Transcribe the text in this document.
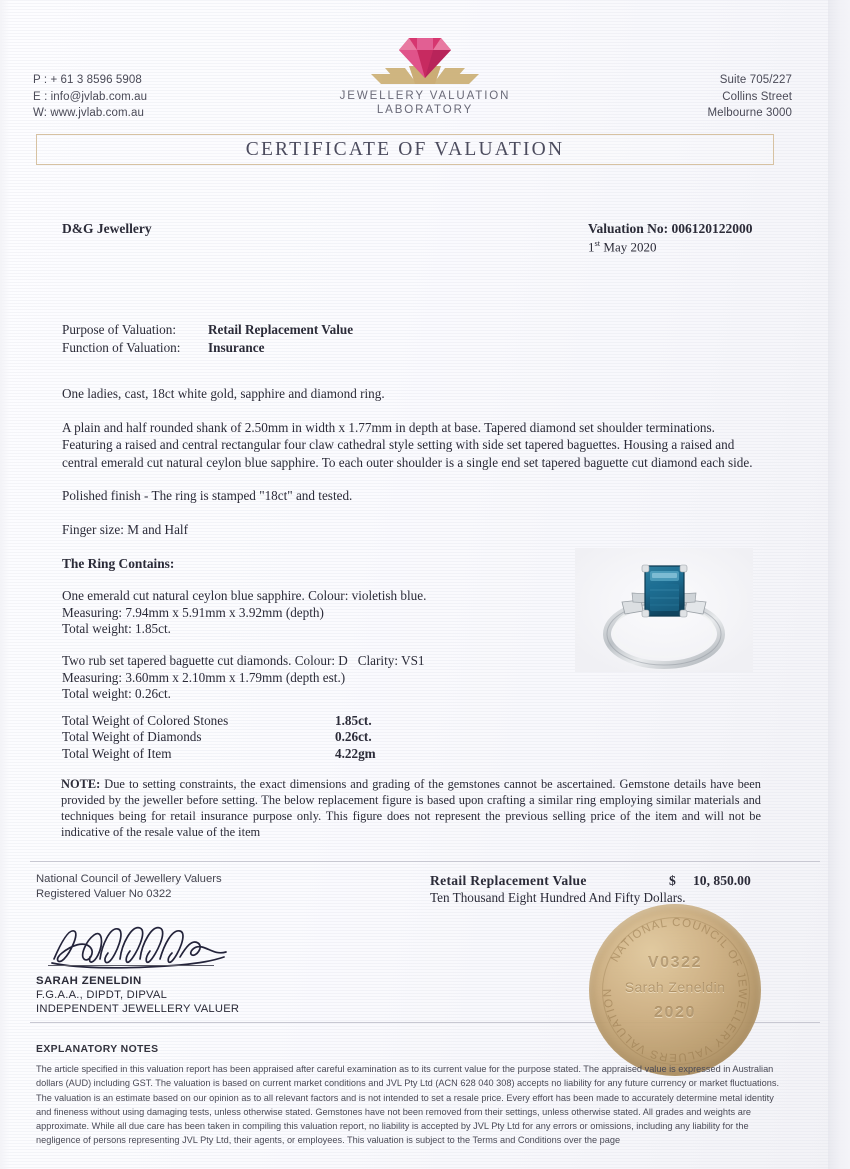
P : + 61 3 8596 5908
E : info@jvlab.com.au
W: www.jvlab.com.au
Suite 705/227
Collins Street
Melbourne 3000
JEWELLERY VALUATION
LABORATORY
CERTIFICATE OF VALUATION
D&G Jewellery	Valuation No: 006120122000
1st May 2020
Purpose of Valuation:	Retail Replacement Value
Function of Valuation:	Insurance

One ladies, cast, 18ct white gold, sapphire and diamond ring.

A plain and half rounded shank of 2.50mm in width x 1.77mm in depth at base. Tapered diamond set shoulder terminations. Featuring a raised and central rectangular four claw cathedral style setting with side set tapered baguettes. Housing a raised and central emerald cut natural ceylon blue sapphire. To each outer shoulder is a single end set tapered baguette cut diamond each side.

Polished finish - The ring is stamped "18ct" and tested.

Finger size: M and Half

The Ring Contains:

One emerald cut natural ceylon blue sapphire. Colour: violetish blue.
Measuring: 7.94mm x 5.91mm x 3.92mm (depth)
Total weight: 1.85ct.
Two rub set tapered baguette cut diamonds. Colour: D   Clarity: VS1
Measuring: 3.60mm x 2.10mm x 1.79mm (depth est.)
Total weight: 0.26ct.
Total Weight of Colored Stones	1.85ct.
Total Weight of Diamonds	0.26ct.
Total Weight of Item	4.22gm
NOTE: Due to setting constraints, the exact dimensions and grading of the gemstones cannot be ascertained. Gemstone details have been provided by the jeweller before setting. The below replacement figure is based upon crafting a similar ring employing similar materials and techniques being for retail insurance purpose only. This figure does not represent the previous selling price of the item and will not be indicative of the resale value of the item
National Council of Jewellery Valuers
Registered Valuer No 0322
Retail Replacement Value	$ 10, 850.00
Ten Thousand Eight Hundred And Fifty Dollars.
SARAH ZENELDIN
F.G.A.A., DIPDT, DIPVAL
INDEPENDENT JEWELLERY VALUER
NATIONAL COUNCIL OF JEWELLERY VALUERS VALUATION
V0322
Sarah Zeneldin
2020
EXPLANATORY NOTES
The article specified in this valuation report has been appraised after careful examination as to its current value for the purpose stated. The appraised value is expressed in Australian dollars (AUD) including GST. The valuation is based on current market conditions and JVL Pty Ltd (ACN 628 040 308) accepts no liability for any future currency or market fluctuations. The valuation is an estimate based on our opinion as to all relevant factors and is not intended to set a resale price. Every effort has been made to accurately determine metal identity and fineness without using damaging tests, unless otherwise stated. Gemstones have not been removed from their settings, unless otherwise stated. All grades and weights are approximate. While all due care has been taken in compiling this valuation report, no liability is accepted by JVL Pty Ltd for any errors or omissions, including any liability for the negligence of persons representing JVL Pty Ltd, their agents, or employees. This valuation is subject to the Terms and Conditions over the page
